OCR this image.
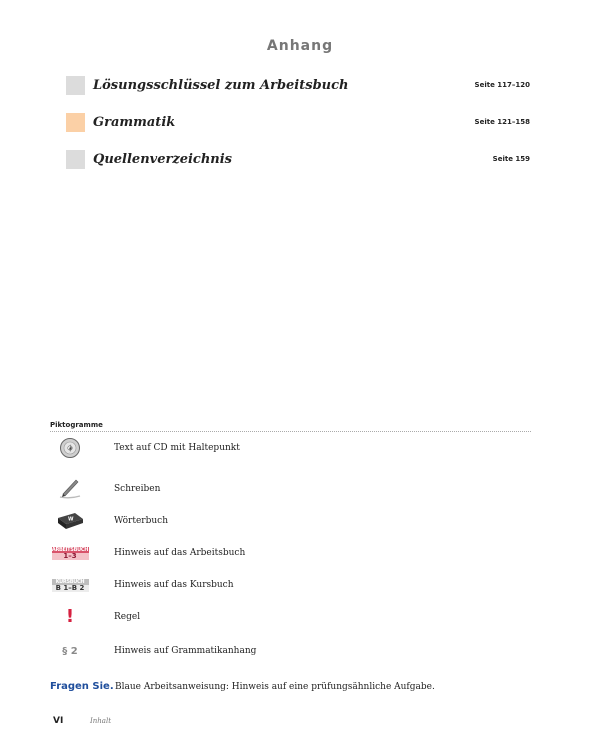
Anhang
Lösungsschlüssel zum Arbeitsbuch	Seite 117–120
Grammatik	Seite 121–158
Quellenverzeichnis	Seite 159
Piktogramme
Text auf CD mit Haltepunkt
Schreiben
W	Wörterbuch
ARBEITSBUCH
1–3	Hinweis auf das Arbeitsbuch
KURSBUCH
B 1–B 2	Hinweis auf das Kursbuch
!	Regel
§ 2	Hinweis auf Grammatikanhang
Fragen Sie. Blaue Arbeitsanweisung: Hinweis auf eine prüfungsähnliche Aufgabe.
VI	Inhalt
